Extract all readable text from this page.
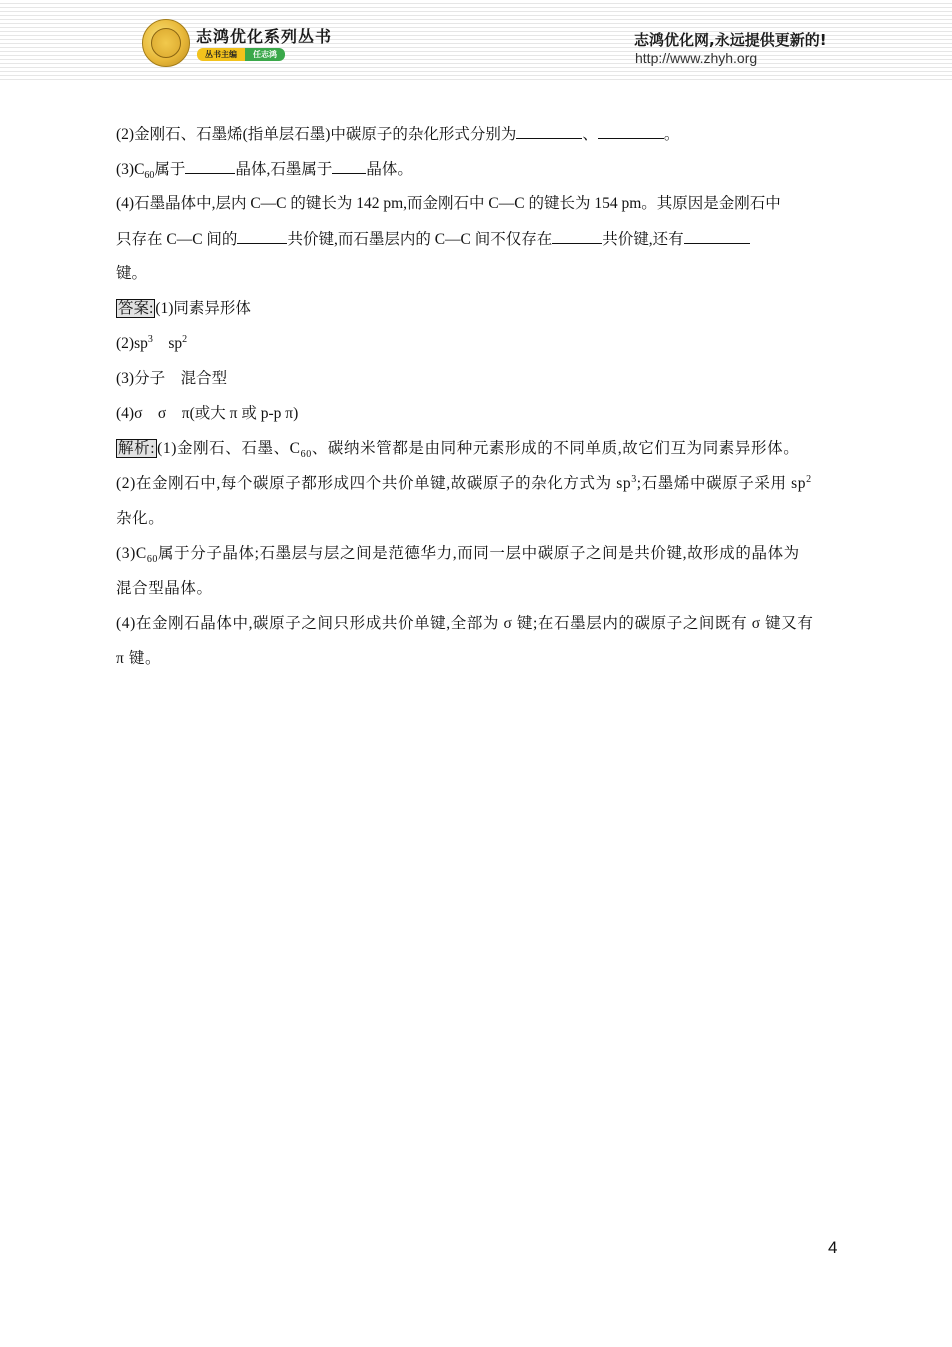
志鸿优化系列丛书
丛书主编	任志鸿
志鸿优化网,永远提供更新的!
http://www.zhyh.org
(2)金刚石、石墨烯(指单层石墨)中碳原子的杂化形式分别为	、	。
$(3)C_{60}$属于	晶体,石墨属于 晶体。
(4)石墨晶体中,层内 C—C 的键长为 142 pm,而金刚石中 C—C 的键长为 154 pm。其原因是金刚石中
只存在 C—C 间的	共价键,而石墨层内的 C—C 间不仅存在	共价键,还有
键。
答案: (1)同素异形体
$(2)sp^3$ $sp^2$
(3)分子　混合型
(4)σ　σ　π(或大 π 或 p-p π)
解析: (1)金刚石、石墨、$C_{60}$、碳纳米管都是由同种元素形成的不同单质,故它们互为同素异形体。
(2)在金刚石中,每个碳原子都形成四个共价单键,故碳原子的杂化方式为 $sp^3$;石墨烯中碳原子采用 $sp^2$
杂化。
$(3)C_{60}$属于分子晶体;石墨层与层之间是范德华力,而同一层中碳原子之间是共价键,故形成的晶体为
混合型晶体。
(4)在金刚石晶体中,碳原子之间只形成共价单键,全部为 σ 键;在石墨层内的碳原子之间既有 σ 键又有
π 键。
4
